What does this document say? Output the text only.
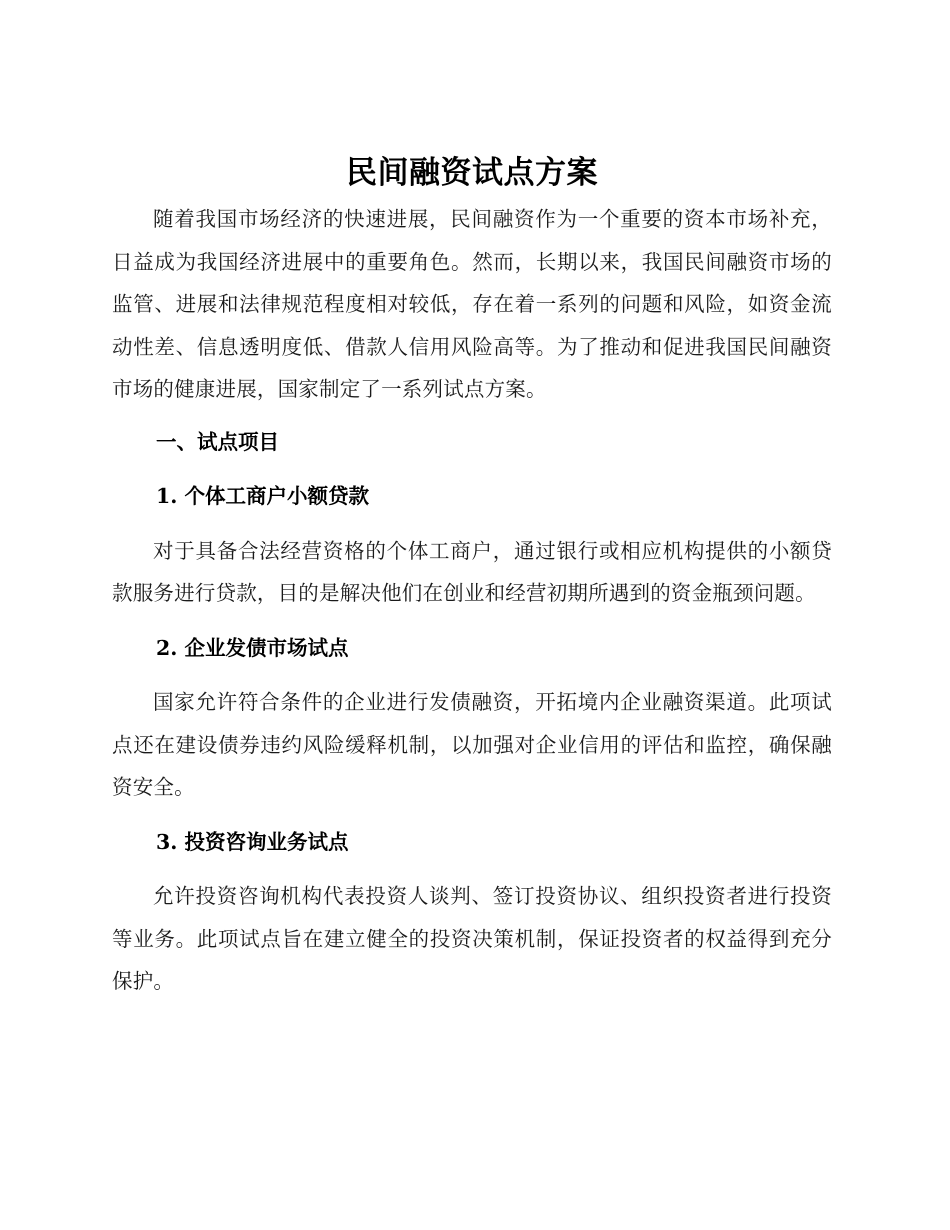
民间融资试点方案

随着我国市场经济的快速进展，民间融资作为一个重要的资本市场补充，日益成为我国经济进展中的重要角色。然而，长期以来，我国民间融资市场的监管、进展和法律规范程度相对较低，存在着一系列的问题和风险，如资金流动性差、信息透明度低、借款人信用风险高等。为了推动和促进我国民间融资市场的健康进展，国家制定了一系列试点方案。

一、试点项目
1. 个体工商户小额贷款

对于具备合法经营资格的个体工商户，通过银行或相应机构提供的小额贷款服务进行贷款，目的是解决他们在创业和经营初期所遇到的资金瓶颈问题。

2. 企业发债市场试点

国家允许符合条件的企业进行发债融资，开拓境内企业融资渠道。此项试点还在建设债券违约风险缓释机制，以加强对企业信用的评估和监控，确保融资安全。

3. 投资咨询业务试点

允许投资咨询机构代表投资人谈判、签订投资协议、组织投资者进行投资等业务。此项试点旨在建立健全的投资决策机制，保证投资者的权益得到充分保护。
